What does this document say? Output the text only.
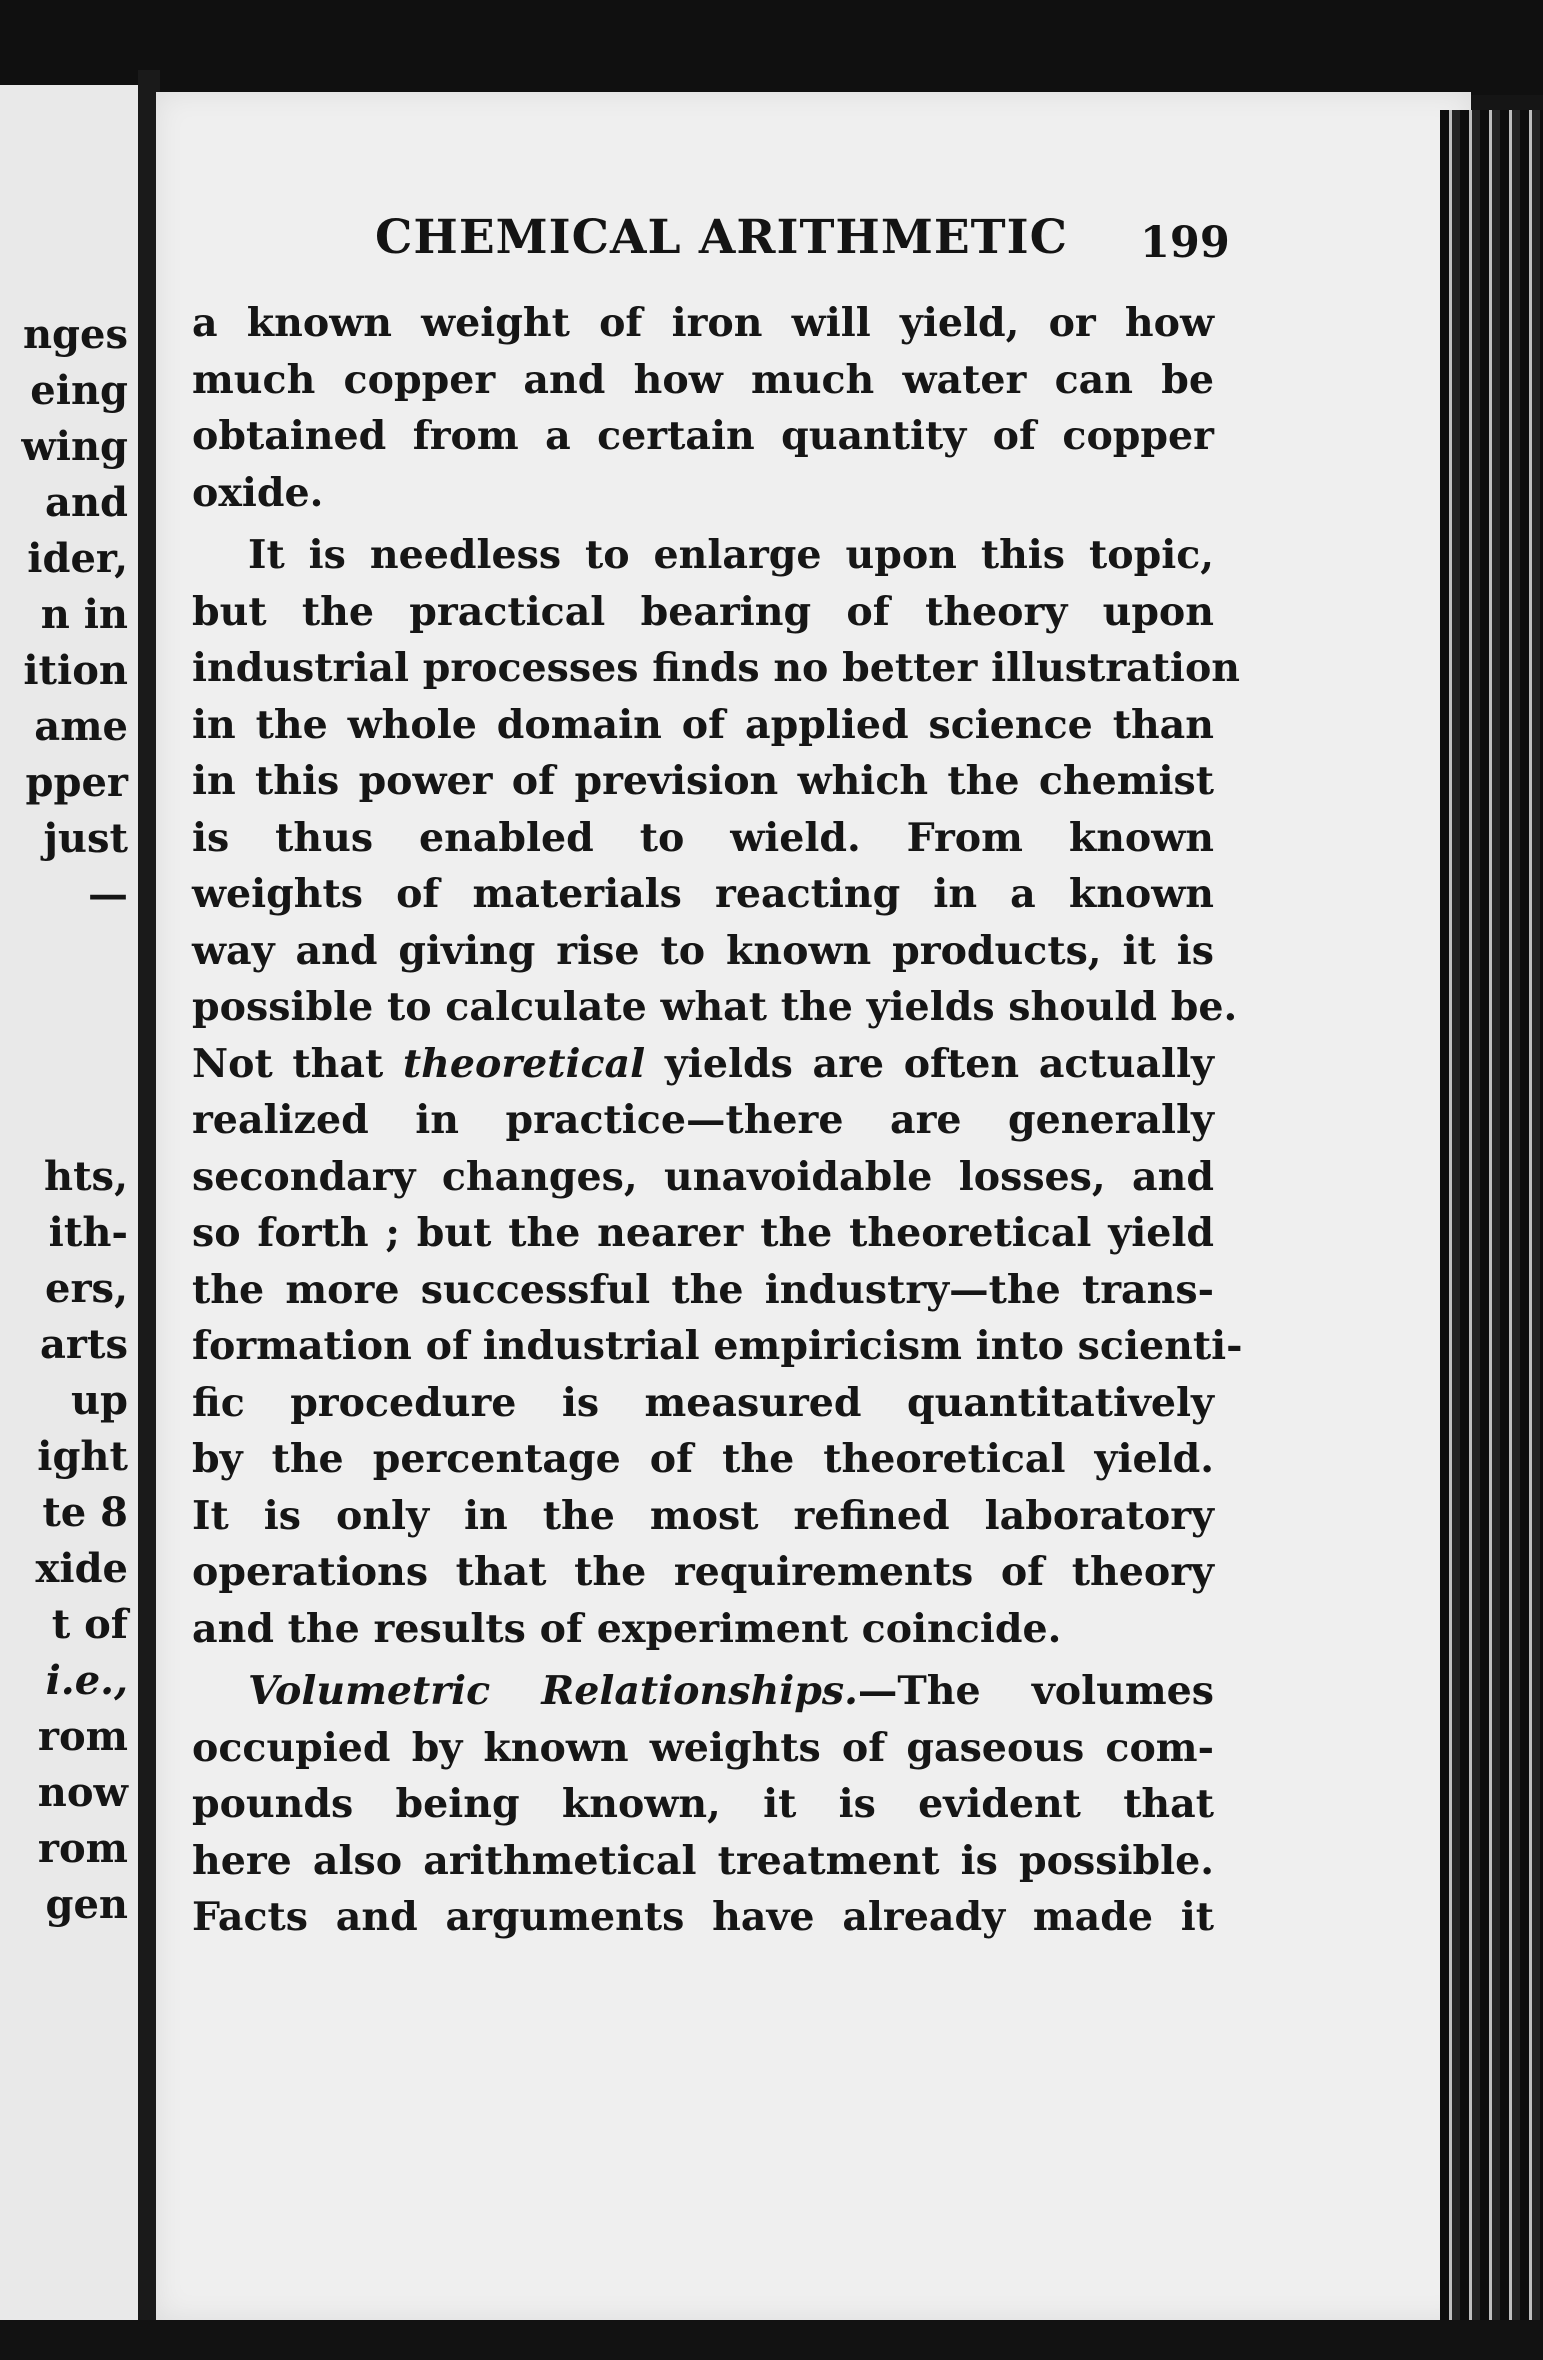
nges
eing
wing
and
ider,
n in
ition
ame
pper
just
—
hts,
ith-
ers,
arts
up
ight
te 8
xide
t of
i.e.,
rom
now
rom
gen
CHEMICAL ARITHMETIC 199
a known weight of iron will yield, or how
much copper and how much water can be
obtained from a certain quantity of copper
oxide.
It is needless to enlarge upon this topic,
but the practical bearing of theory upon
industrial processes finds no better illustration
in the whole domain of applied science than
in this power of prevision which the chemist
is thus enabled to wield. From known
weights of materials reacting in a known
way and giving rise to known products, it is
possible to calculate what the yields should be.
Not that theoretical yields are often actually
realized in practice—there are generally
secondary changes, unavoidable losses, and
so forth ; but the nearer the theoretical yield
the more successful the industry—the trans-
formation of industrial empiricism into scienti-
fic procedure is measured quantitatively
by the percentage of the theoretical yield.
It is only in the most refined laboratory
operations that the requirements of theory
and the results of experiment coincide.
Volumetric Relationships.—The volumes
occupied by known weights of gaseous com-
pounds being known, it is evident that
here also arithmetical treatment is possible.
Facts and arguments have already made it
